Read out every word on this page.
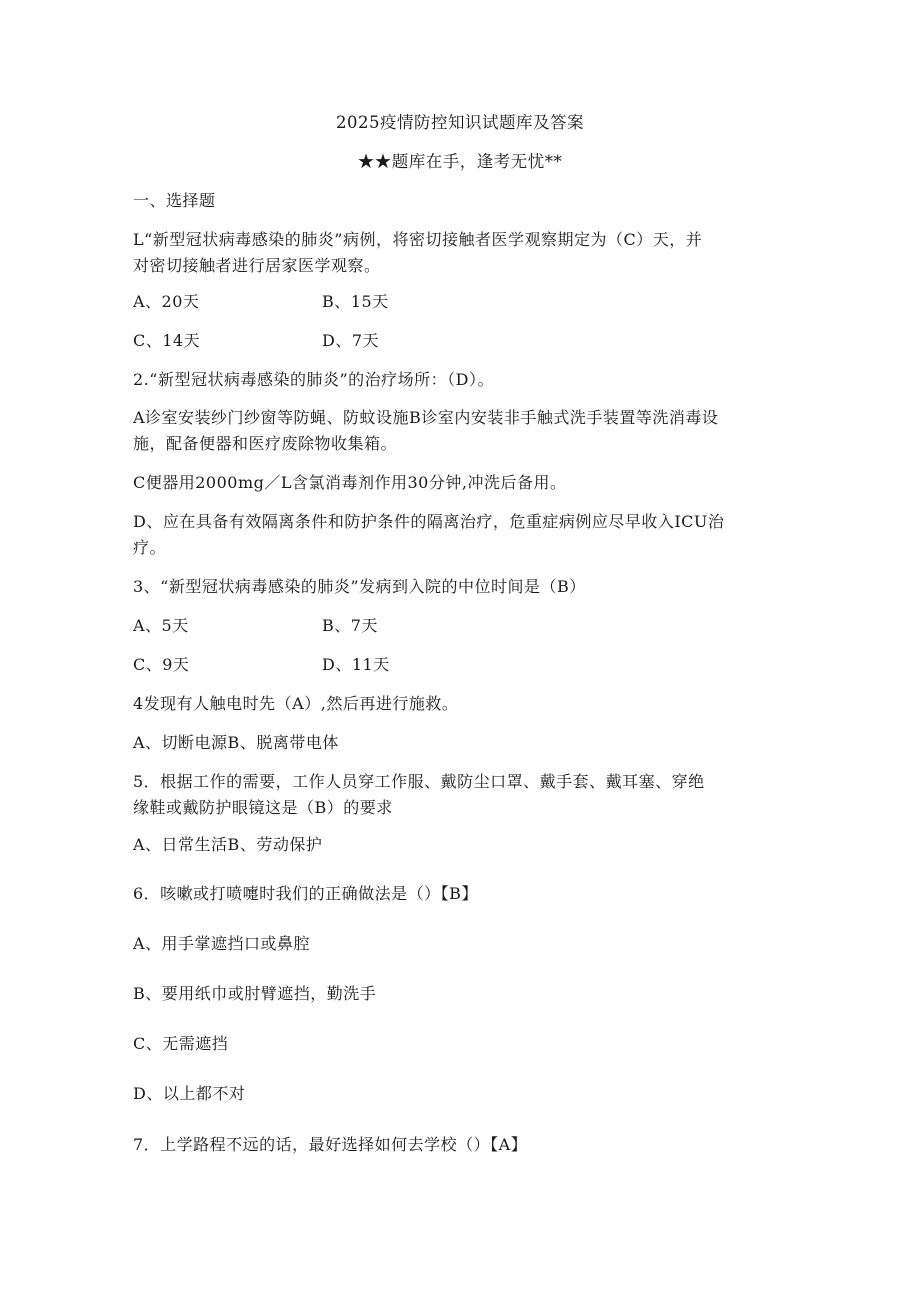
2025疫情防控知识试题库及答案
★★题库在手，逢考无忧**
一、选择题
L“新型冠状病毒感染的肺炎”病例，将密切接触者医学观察期定为（C）天，并
对密切接触者进行居家医学观察。
A、20天	B、15天
C、14天	D、7天
2.“新型冠状病毒感染的肺炎”的治疗场所：（D）。
A诊室安装纱门纱窗等防蝇、防蚊设施B诊室内安装非手触式洗手装置等洗消毒设
施，配备便器和医疗废除物收集箱。
C便器用2000mg／L含氯消毒剂作用30分钟,冲洗后备用。
D、应在具备有效隔离条件和防护条件的隔离治疗，危重症病例应尽早收入ICU治
疗。
3、“新型冠状病毒感染的肺炎”发病到入院的中位时间是（B）
A、5天	B、7天
C、9天	D、11天
4发现有人触电时先（A）,然后再进行施救。
A、切断电源B、脱离带电体
5．根据工作的需要，工作人员穿工作服、戴防尘口罩、戴手套、戴耳塞、穿绝
缘鞋或戴防护眼镜这是（B）的要求
A、日常生活B、劳动保护
6．咳嗽或打喷嚏时我们的正确做法是（）【B】
A、用手掌遮挡口或鼻腔
B、要用纸巾或肘臂遮挡，勤洗手
C、无需遮挡
D、以上都不对
7．上学路程不远的话，最好选择如何去学校（）【A】
